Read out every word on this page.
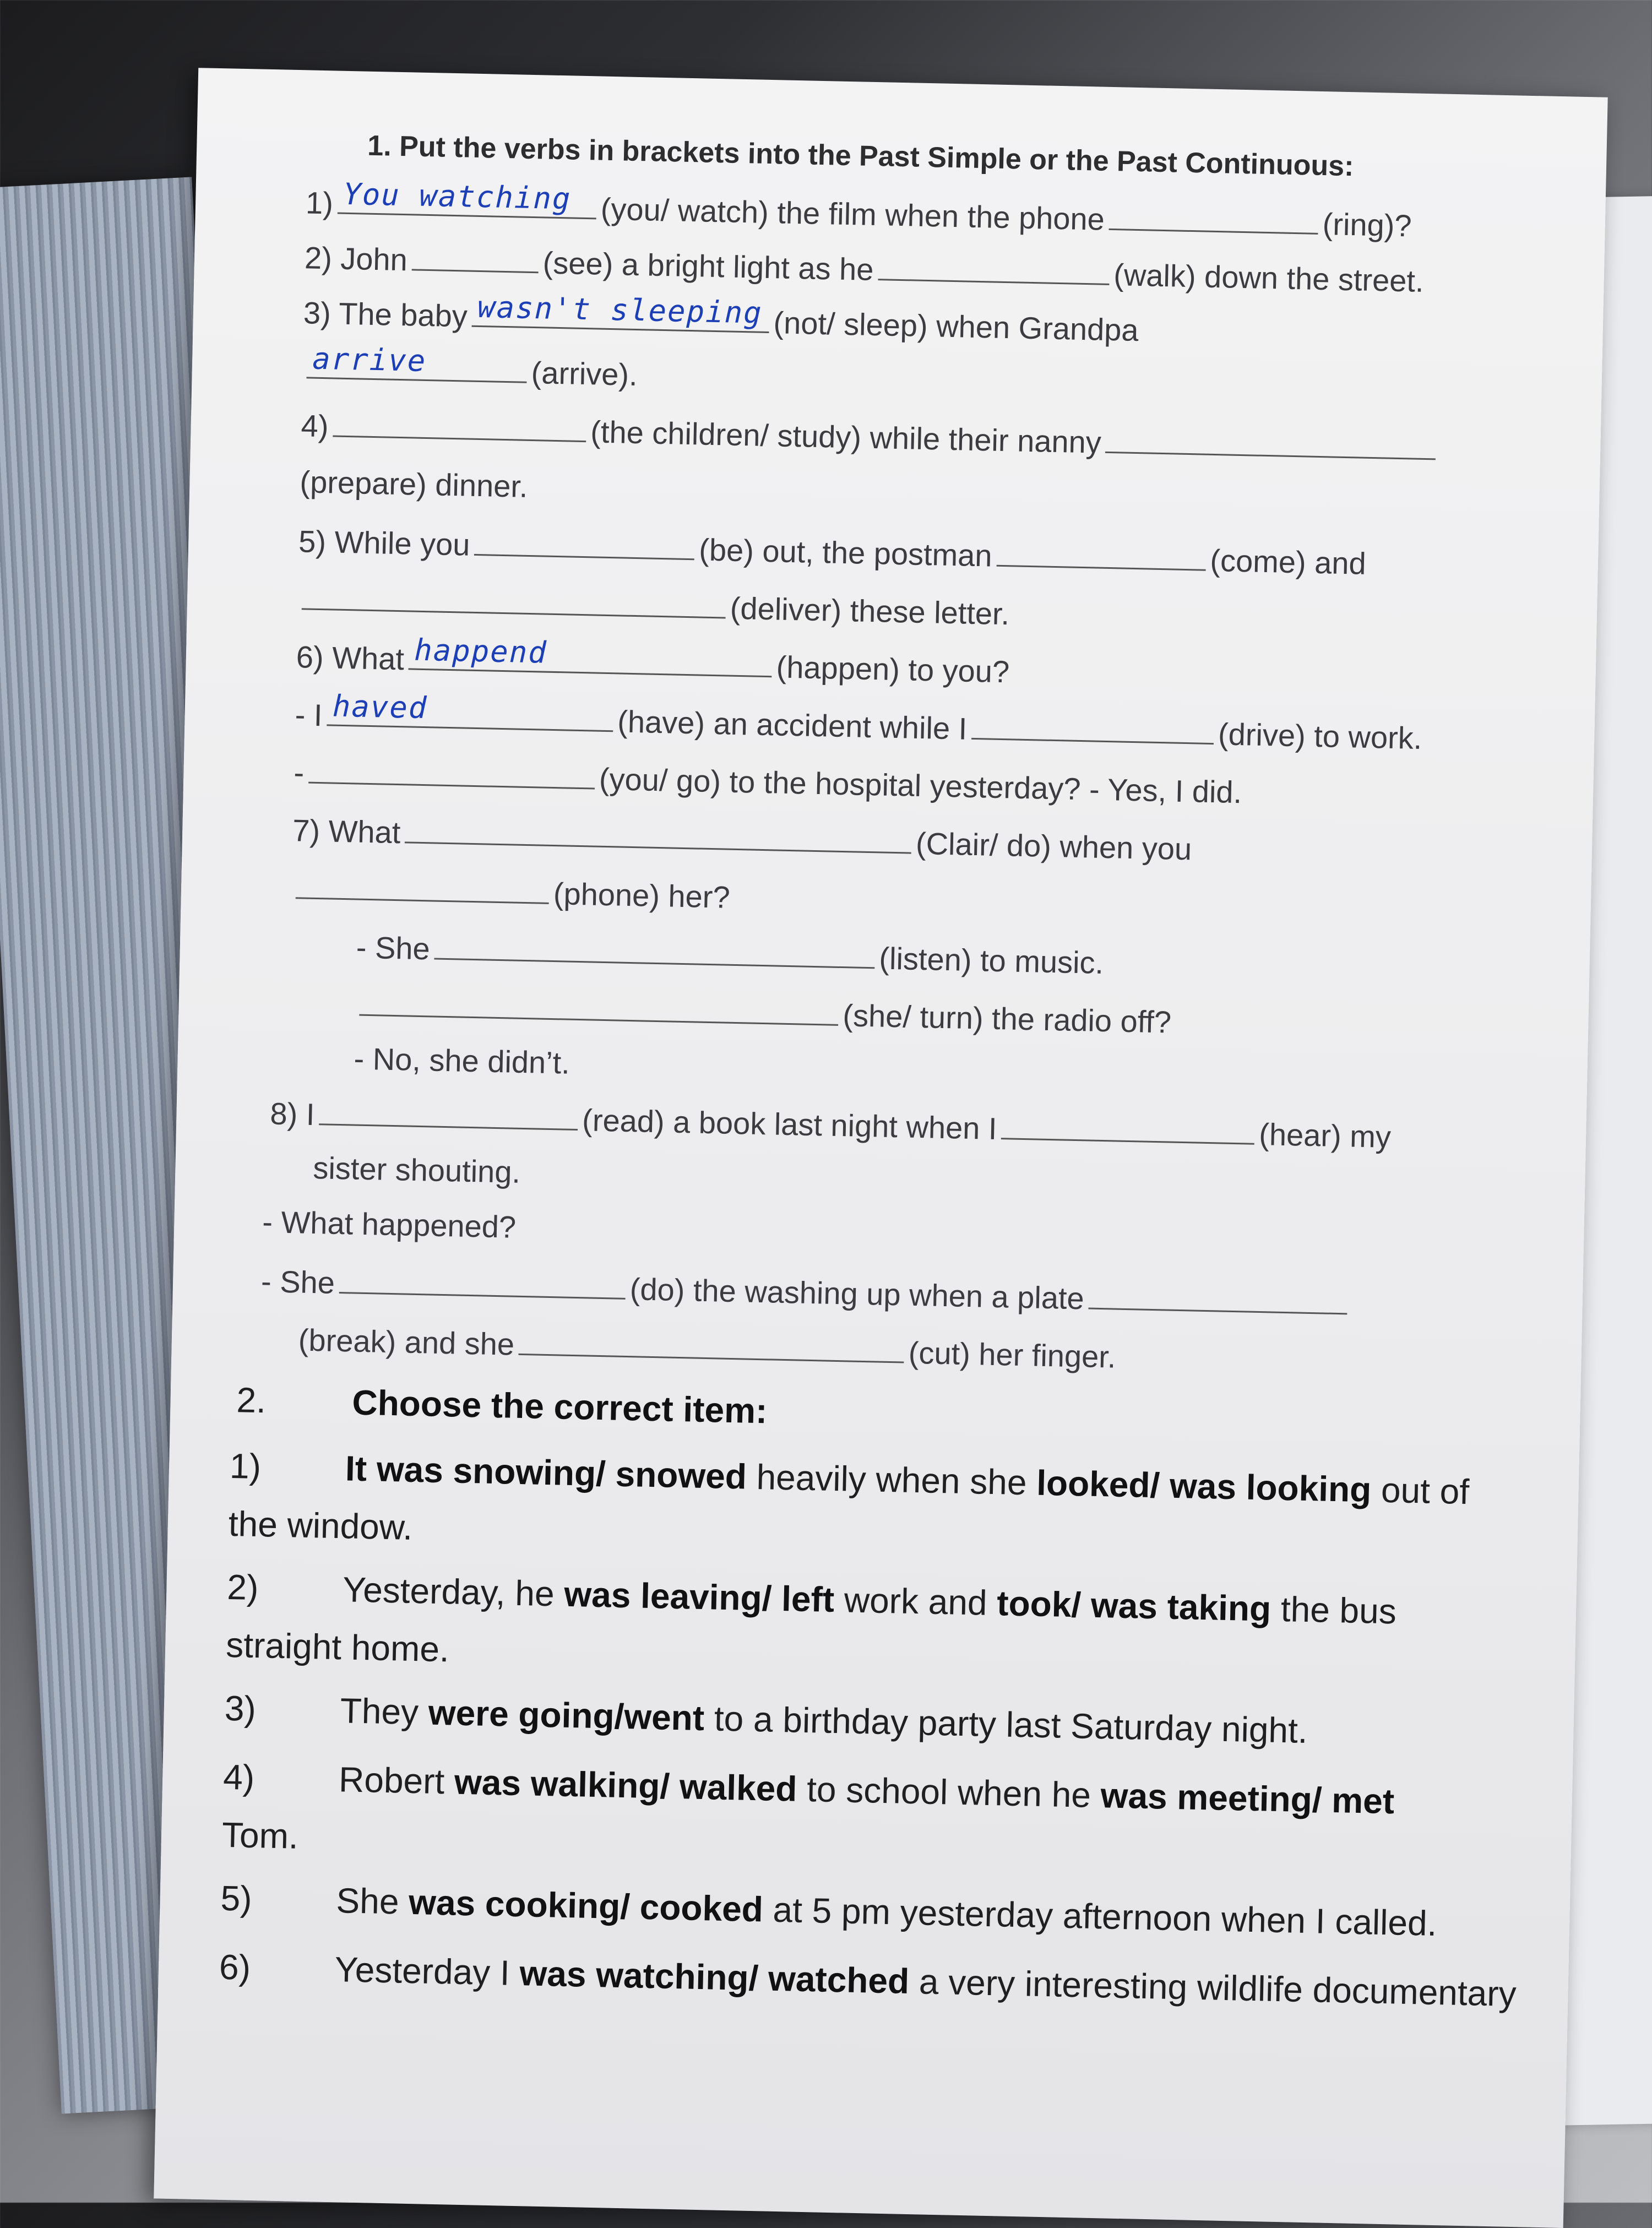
1. Put the verbs in brackets into the Past Simple or the Past Continuous:
1) You watching (you/ watch) the film when the phone	(ring)?
2) John	(see) a bright light as he	(walk) down the street.
3) The baby wasn't sleeping (not/ sleep) when Grandpa
arrive	(arrive).
4)	(the children/ study) while their nanny
(prepare) dinner.
5) While you	(be) out, the postman	(come) and
(deliver) these letter.
6) What happend	(happen) to you?
- I haved	(have) an accident while I	(drive) to work.
-	(you/ go) to the hospital yesterday? - Yes, I did.
7) What	(Clair/ do) when you
(phone) her?
- She	(listen) to music.
(she/ turn) the radio off?
- No, she didn’t.
8) I	(read) a book last night when I	(hear) my
sister shouting.
- What happened?
- She	(do) the washing up when a plate
(break) and she	(cut) her finger.
2. Choose the correct item:
1) It was snowing/ snowed heavily when she looked/ was looking out of
the window.
2) Yesterday, he was leaving/ left work and took/ was taking the bus
straight home.
3) They were going/went to a birthday party last Saturday night.
4) Robert was walking/ walked to school when he was meeting/ met
Tom.
5) She was cooking/ cooked at 5 pm yesterday afternoon when I called.
6) Yesterday I was watching/ watched a very interesting wildlife documentary
